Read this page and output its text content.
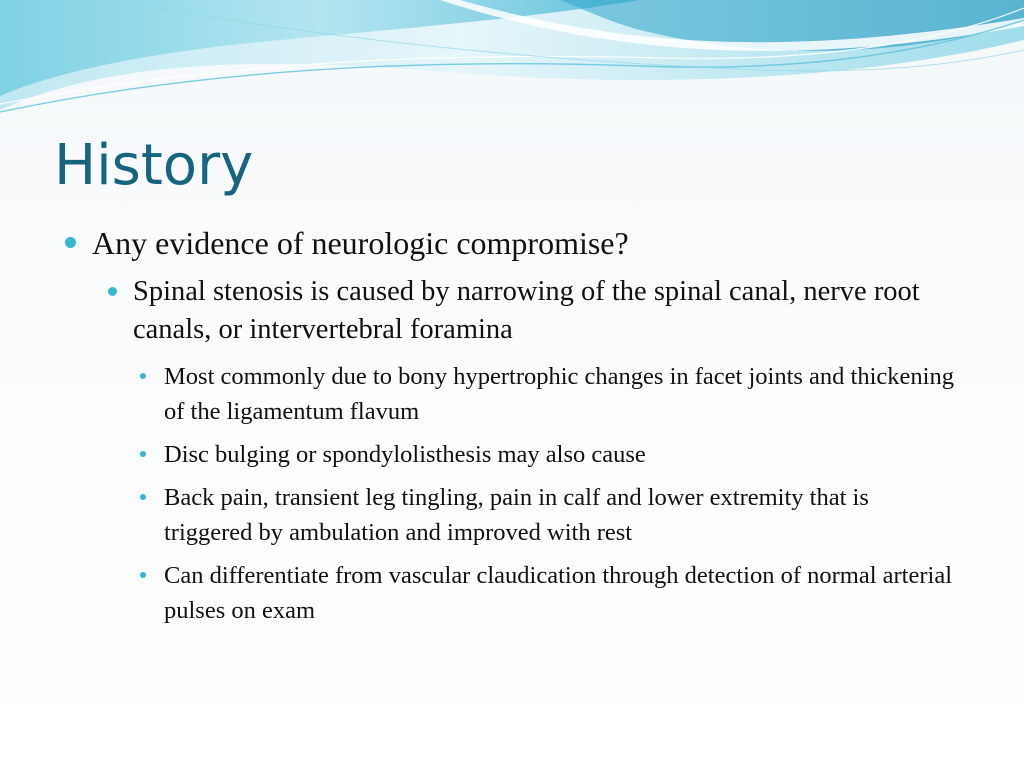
History
Any evidence of neurologic compromise?
Spinal stenosis is caused by narrowing of the spinal canal, nerve root canals, or intervertebral foramina
Most commonly due to bony hypertrophic changes in facet joints and thickening of the ligamentum flavum
Disc bulging or spondylolisthesis may also cause
Back pain, transient leg tingling, pain in calf and lower extremity that is triggered by ambulation and improved with rest
Can differentiate from vascular claudication through detection of normal arterial pulses on exam
